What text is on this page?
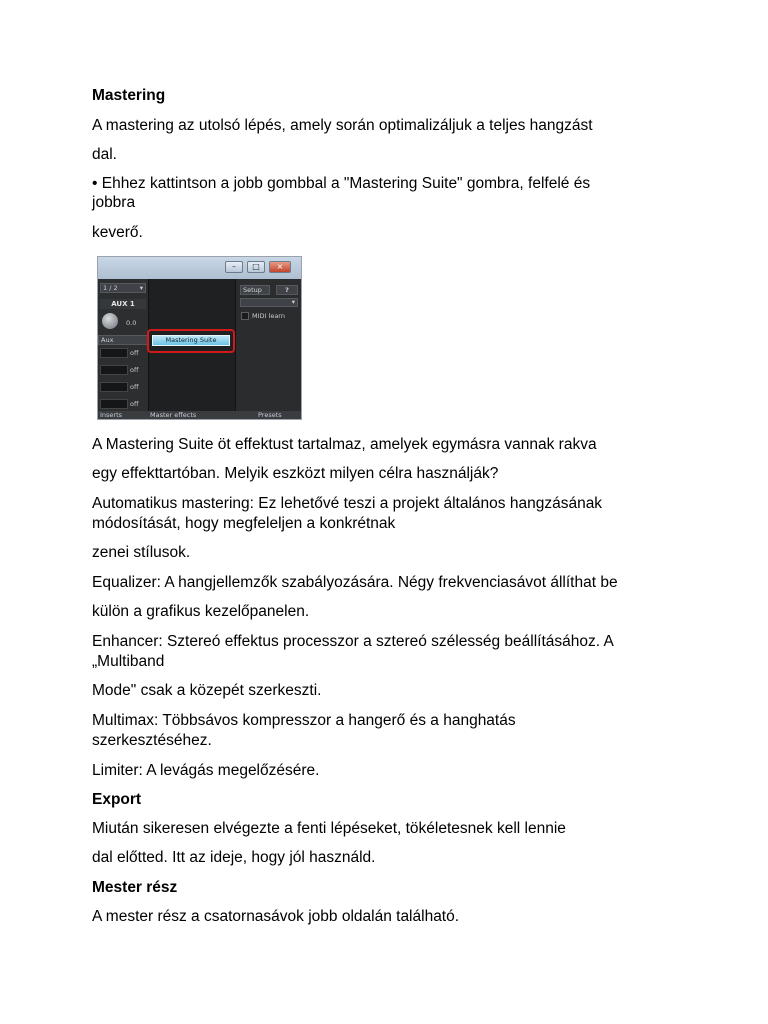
Mastering

A mastering az utolsó lépés, amely során optimalizáljuk a teljes hangzást

dal.

• Ehhez kattintson a jobb gombbal a "Mastering Suite" gombra, felfelé és

jobbra

keverő.

A Mastering Suite öt effektust tartalmaz, amelyek egymásra vannak rakva

egy effekttartóban. Melyik eszközt milyen célra használják?

Automatikus mastering: Ez lehetővé teszi a projekt általános hangzásának

módosítását, hogy megfeleljen a konkrétnak

zenei stílusok.

Equalizer: A hangjellemzők szabályozására. Négy frekvenciasávot állíthat be

külön a grafikus kezelőpanelen.

Enhancer: Sztereó effektus processzor a sztereó szélesség beállításához. A

„Multiband

Mode" csak a közepét szerkeszti.

Multimax: Többsávos kompresszor a hangerő és a hanghatás

szerkesztéséhez.

Limiter: A levágás megelőzésére.

Export

Miután sikeresen elvégezte a fenti lépéseket, tökéletesnek kell lennie

dal előtted. Itt az ideje, hogy jól használd.

Mester rész

A mester rész a csatornasávok jobb oldalán található.

–	□	×
1 / 2	▾
AUX 1
0.0
Aux
off
off
off
off
Setup	?
▾
MIDI learn
Mastering Suite
Inserts	Master effects	Presets
